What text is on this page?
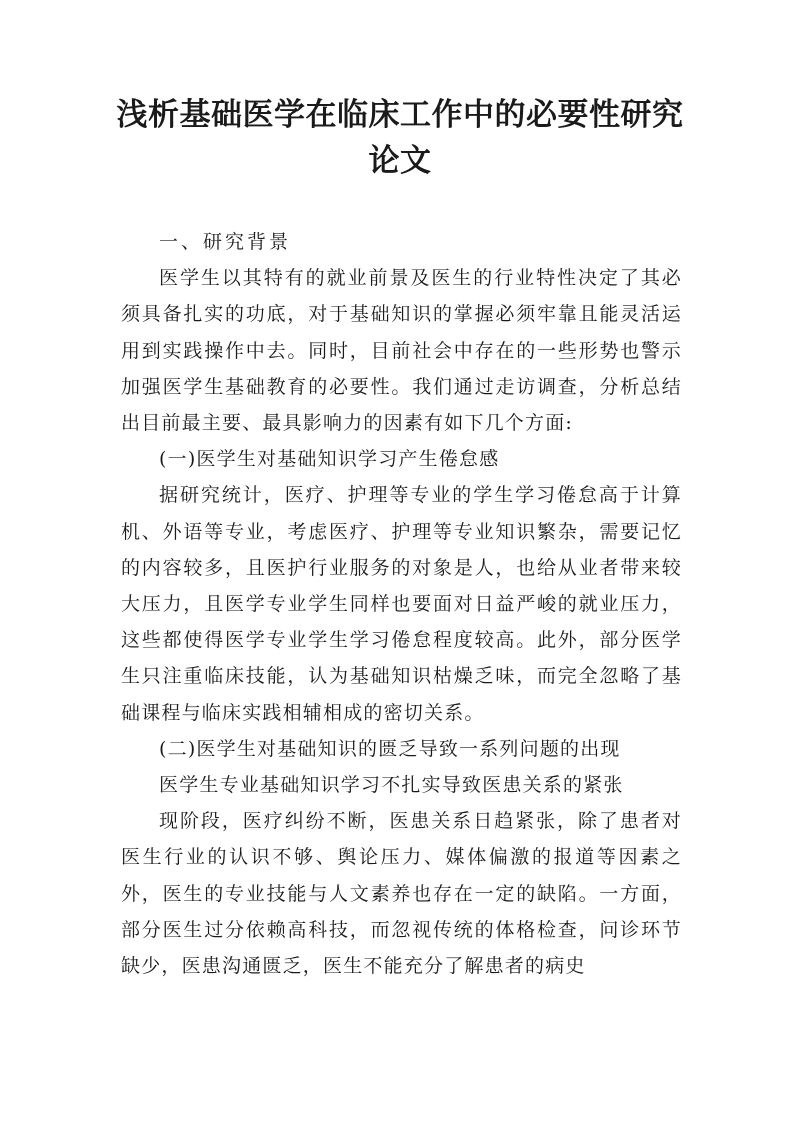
浅析基础医学在临床工作中的必要性研究
论文

一、研究背景

医学生以其特有的就业前景及医生的行业特性决定了其必须具备扎实的功底，对于基础知识的掌握必须牢靠且能灵活运用到实践操作中去。同时，目前社会中存在的一些形势也警示加强医学生基础教育的必要性。我们通过走访调查，分析总结出目前最主要、最具影响力的因素有如下几个方面:

(一)医学生对基础知识学习产生倦怠感

据研究统计，医疗、护理等专业的学生学习倦怠高于计算机、外语等专业，考虑医疗、护理等专业知识繁杂，需要记忆的内容较多，且医护行业服务的对象是人，也给从业者带来较大压力，且医学专业学生同样也要面对日益严峻的就业压力，这些都使得医学专业学生学习倦怠程度较高。此外，部分医学生只注重临床技能，认为基础知识枯燥乏味，而完全忽略了基础课程与临床实践相辅相成的密切关系。

(二)医学生对基础知识的匮乏导致一系列问题的出现

医学生专业基础知识学习不扎实导致医患关系的紧张

现阶段，医疗纠纷不断，医患关系日趋紧张，除了患者对医生行业的认识不够、舆论压力、媒体偏激的报道等因素之外，医生的专业技能与人文素养也存在一定的缺陷。一方面，部分医生过分依赖高科技，而忽视传统的体格检查，问诊环节缺少，医患沟通匮乏，医生不能充分了解患者的病史
